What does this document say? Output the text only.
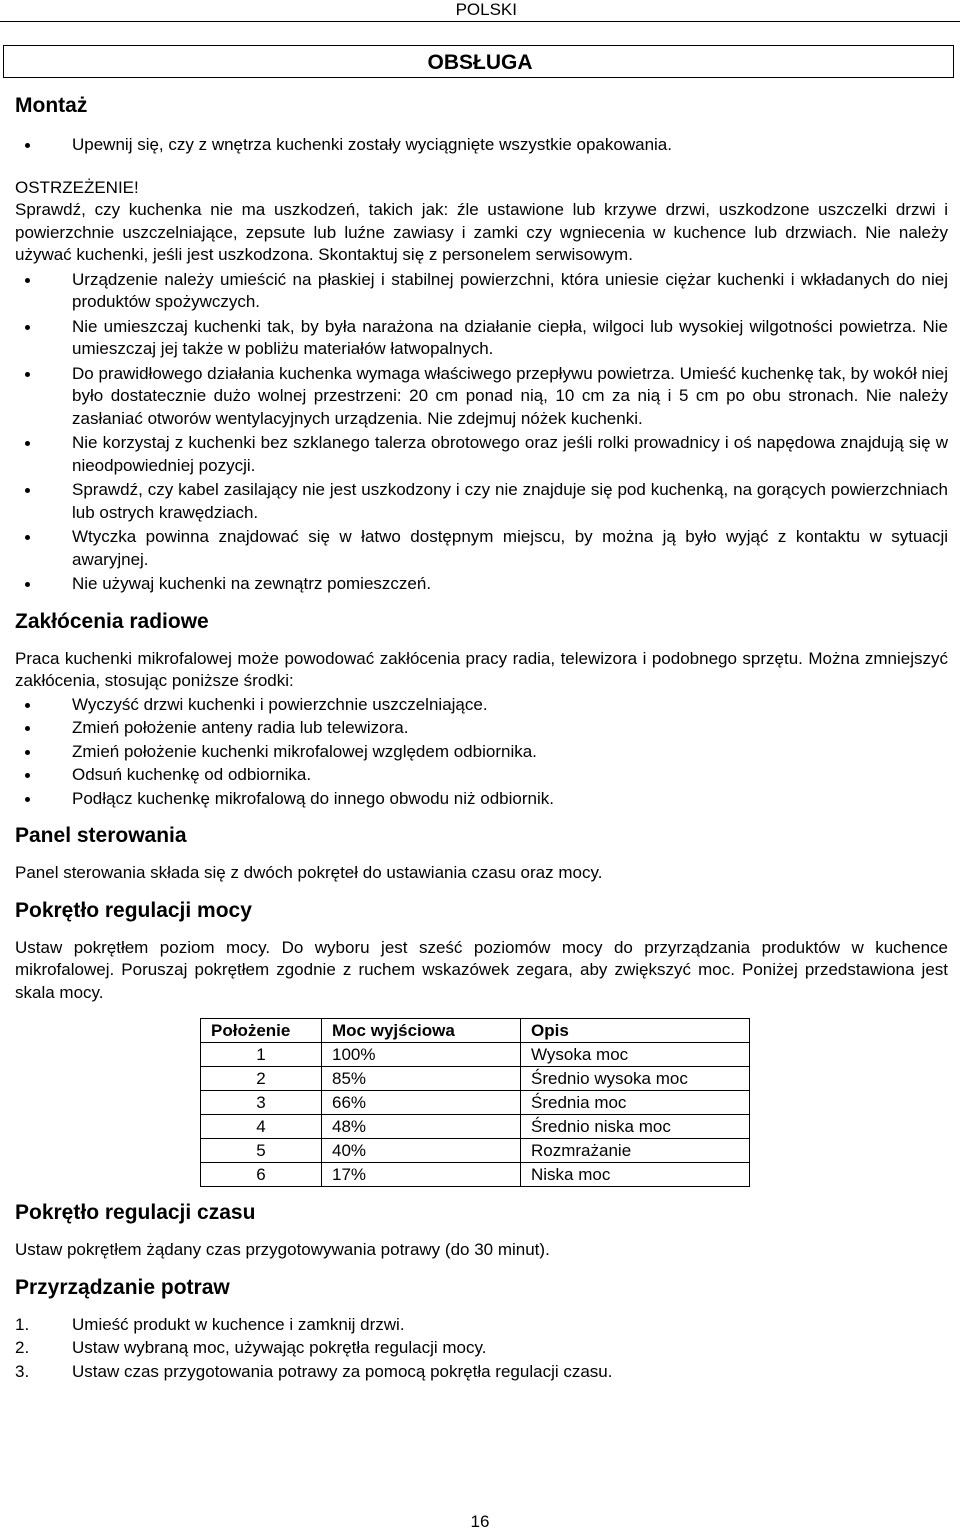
POLSKI
OBSŁUGA
Montaż
Upewnij się, czy z wnętrza kuchenki zostały wyciągnięte wszystkie opakowania.

OSTRZEŻENIE!

Sprawdź, czy kuchenka nie ma uszkodzeń, takich jak: źle ustawione lub krzywe drzwi, uszkodzone uszczelki drzwi i powierzchnie uszczelniające, zepsute lub luźne zawiasy i zamki czy wgniecenia w kuchence lub drzwiach. Nie należy używać kuchenki, jeśli jest uszkodzona. Skontaktuj się z personelem serwisowym.

Urządzenie należy umieścić na płaskiej i stabilnej powierzchni, która uniesie ciężar kuchenki i wkładanych do niej produktów spożywczych.
Nie umieszczaj kuchenki tak, by była narażona na działanie ciepła, wilgoci lub wysokiej wilgotności powietrza. Nie umieszczaj jej także w pobliżu materiałów łatwopalnych.
Do prawidłowego działania kuchenka wymaga właściwego przepływu powietrza. Umieść kuchenkę tak, by wokół niej było dostatecznie dużo wolnej przestrzeni: 20 cm ponad nią, 10 cm za nią i 5 cm po obu stronach. Nie należy zasłaniać otworów wentylacyjnych urządzenia. Nie zdejmuj nóżek kuchenki.
Nie korzystaj z kuchenki bez szklanego talerza obrotowego oraz jeśli rolki prowadnicy i oś napędowa znajdują się w nieodpowiedniej pozycji.
Sprawdź, czy kabel zasilający nie jest uszkodzony i czy nie znajduje się pod kuchenką, na gorących powierzchniach lub ostrych krawędziach.
Wtyczka powinna znajdować się w łatwo dostępnym miejscu, by można ją było wyjąć z kontaktu w sytuacji awaryjnej.
Nie używaj kuchenki na zewnątrz pomieszczeń.
Zakłócenia radiowe

Praca kuchenki mikrofalowej może powodować zakłócenia pracy radia, telewizora i podobnego sprzętu. Można zmniejszyć zakłócenia, stosując poniższe środki:

Wyczyść drzwi kuchenki i powierzchnie uszczelniające.
Zmień położenie anteny radia lub telewizora.
Zmień położenie kuchenki mikrofalowej względem odbiornika.
Odsuń kuchenkę od odbiornika.
Podłącz kuchenkę mikrofalową do innego obwodu niż odbiornik.
Panel sterowania

Panel sterowania składa się z dwóch pokręteł do ustawiania czasu oraz mocy.

Pokrętło regulacji mocy

Ustaw pokrętłem poziom mocy. Do wyboru jest sześć poziomów mocy do przyrządzania produktów w kuchence mikrofalowej. Poruszaj pokrętłem zgodnie z ruchem wskazówek zegara, aby zwiększyć moc. Poniżej przedstawiona jest skala mocy.

Położenie	Moc wyjściowa	Opis
1	100%	Wysoka moc
2	85%	Średnio wysoka moc
3	66%	Średnia moc
4	48%	Średnio niska moc
5	40%	Rozmrażanie
6	17%	Niska moc
Pokrętło regulacji czasu

Ustaw pokrętłem żądany czas przygotowywania potrawy (do 30 minut).

Przyrządzanie potraw
1.	Umieść produkt w kuchence i zamknij drzwi.
2.	Ustaw wybraną moc, używając pokrętła regulacji mocy.
3.	Ustaw czas przygotowania potrawy za pomocą pokrętła regulacji czasu.
16
